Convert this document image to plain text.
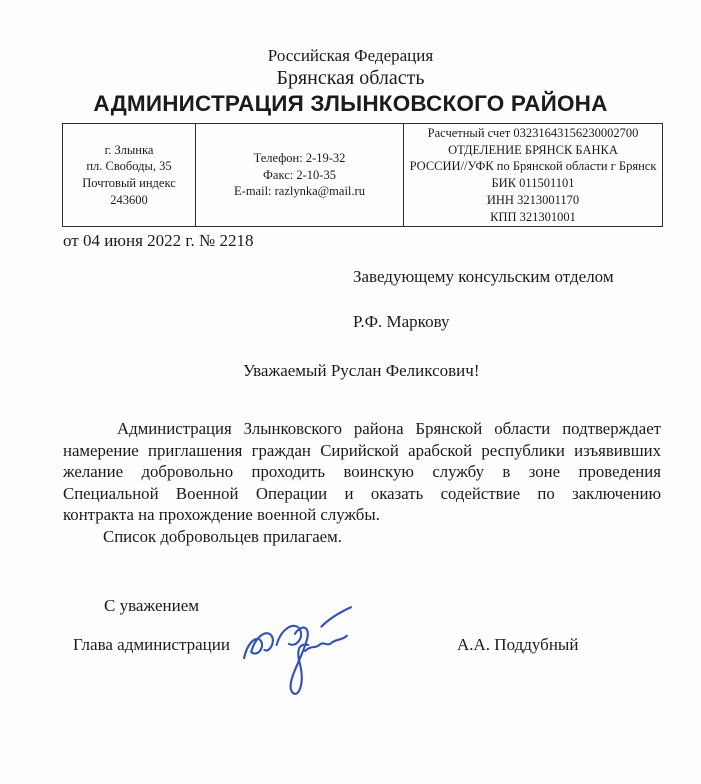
Российская Федерация
Брянская область
АДМИНИСТРАЦИЯ ЗЛЫНКОВСКОГО РАЙОНА
г. Злынка
пл. Свободы, 35
Почтовый индекс 243600
Телефон: 2-19-32
Факс: 2-10-35
E-mail: razlynka@mail.ru
Расчетный счет 03231643156230002700
ОТДЕЛЕНИЕ БРЯНСК БАНКА
РОССИИ//УФК по Брянской области г Брянск
БИК 011501101
ИНН 3213001170
КПП 321301001
от 04 июня 2022 г. № 2218
Заведующему консульским отделом
Р.Ф. Маркову
Уважаемый Руслан Феликсович!
Администрация Злынковского района Брянской области подтверждает
намерение приглашения граждан Сирийской арабской республики изъявивших
желание добровольно проходить воинскую службу в зоне проведения
Специальной Военной Операции и оказать содействие по заключению
контракта на прохождение военной службы.
Список добровольцев прилагаем.
С уважением
Глава администрации	А.А. Поддубный
